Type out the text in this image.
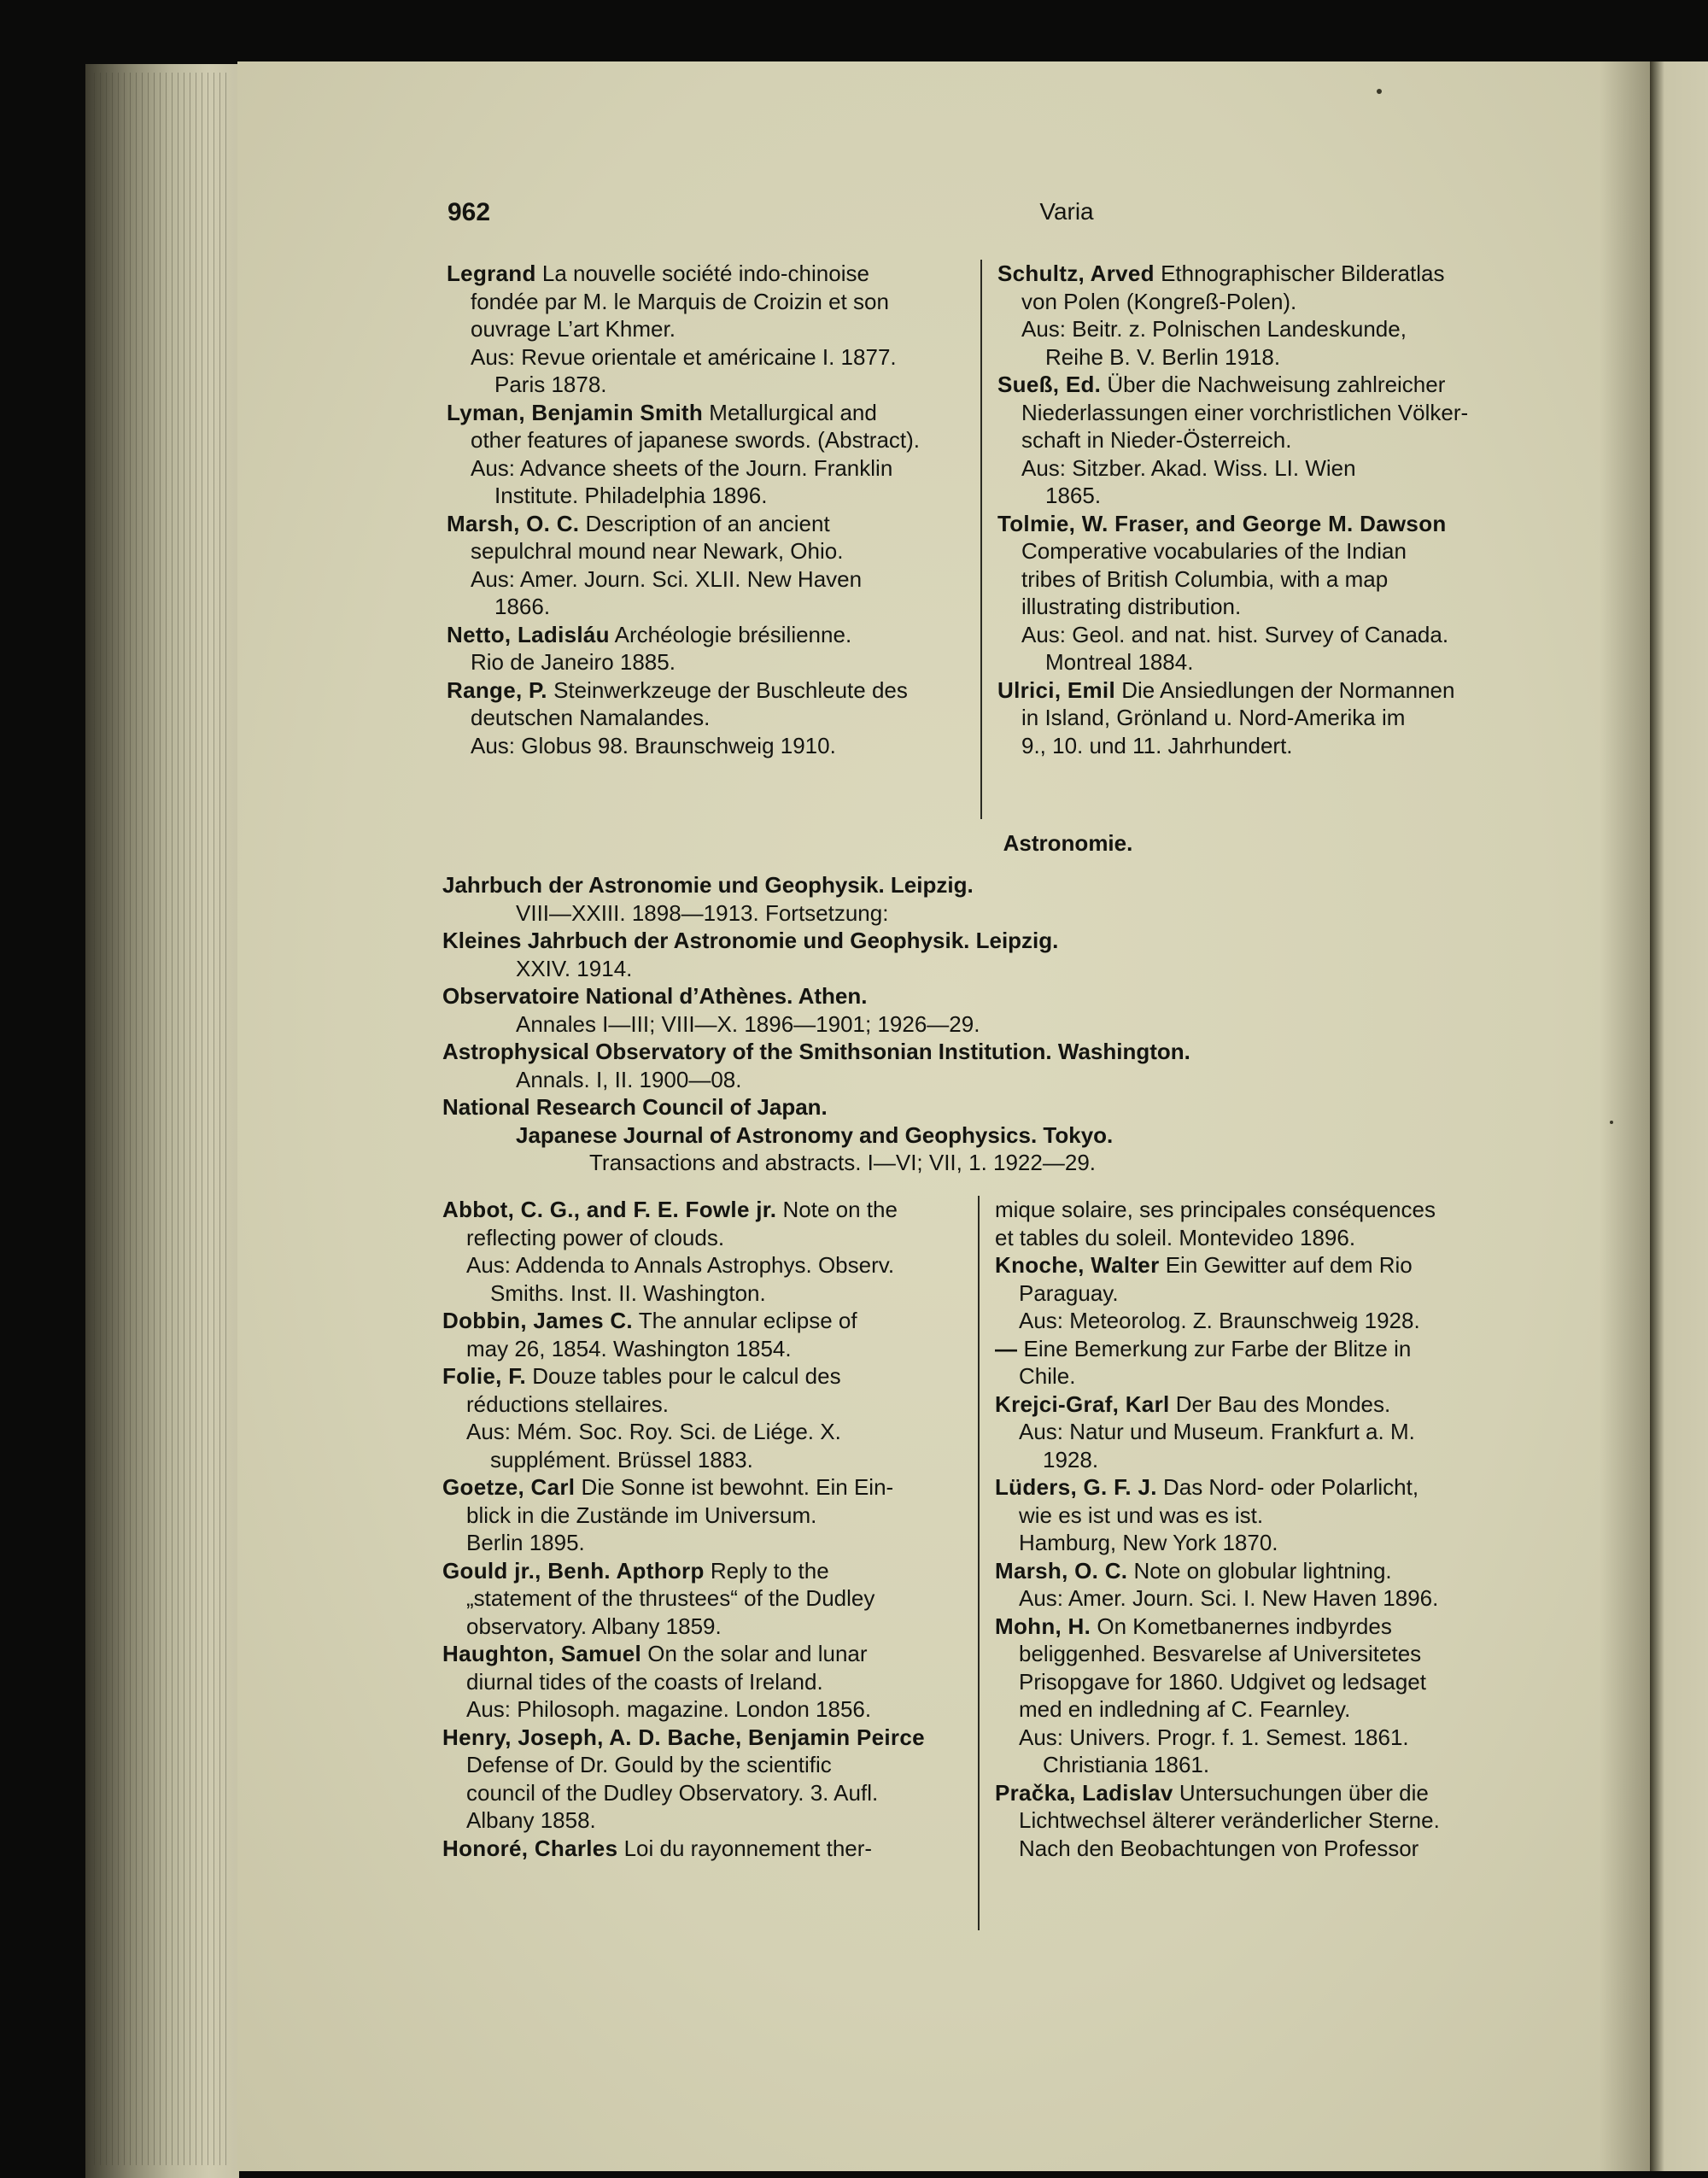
962	Varia
Legrand La nouvelle société indo-chinoise
fondée par M. le Marquis de Croizin et son
ouvrage L’art Khmer.
Aus: Revue orientale et américaine I. 1877.
Paris 1878.
Lyman, Benjamin Smith Metallurgical and
other features of japanese swords. (Abstract).
Aus: Advance sheets of the Journ. Franklin
Institute. Philadelphia 1896.
Marsh, O. C. Description of an ancient
sepulchral mound near Newark, Ohio.
Aus: Amer. Journ. Sci. XLII. New Haven
1866.
Netto, Ladisláu Archéologie brésilienne.
Rio de Janeiro 1885.
Range, P. Steinwerkzeuge der Buschleute des
deutschen Namalandes.
Aus: Globus 98. Braunschweig 1910.
Schultz, Arved Ethnographischer Bilderatlas
von Polen (Kongreß-Polen).
Aus: Beitr. z. Polnischen Landeskunde,
Reihe B. V. Berlin 1918.
Sueß, Ed. Über die Nachweisung zahlreicher
Niederlassungen einer vorchristlichen Völker-
schaft in Nieder-Österreich.
Aus: Sitzber. Akad. Wiss. LI. Wien
1865.
Tolmie, W. Fraser, and George M. Dawson
Comperative vocabularies of the Indian
tribes of British Columbia, with a map
illustrating distribution.
Aus: Geol. and nat. hist. Survey of Canada.
Montreal 1884.
Ulrici, Emil Die Ansiedlungen der Normannen
in Island, Grönland u. Nord-Amerika im
9., 10. und 11. Jahrhundert.
Astronomie.
Jahrbuch der Astronomie und Geophysik. Leipzig.
VIII—XXIII. 1898—1913. Fortsetzung:
Kleines Jahrbuch der Astronomie und Geophysik. Leipzig.
XXIV. 1914.
Observatoire National d’Athènes. Athen.
Annales I—III; VIII—X. 1896—1901; 1926—29.
Astrophysical Observatory of the Smithsonian Institution. Washington.
Annals. I, II. 1900—08.
National Research Council of Japan.
Japanese Journal of Astronomy and Geophysics. Tokyo.
Transactions and abstracts. I—VI; VII, 1. 1922—29.
Abbot, C. G., and F. E. Fowle jr. Note on the
reflecting power of clouds.
Aus: Addenda to Annals Astrophys. Observ.
Smiths. Inst. II. Washington.
Dobbin, James C. The annular eclipse of
may 26, 1854. Washington 1854.
Folie, F. Douze tables pour le calcul des
réductions stellaires.
Aus: Mém. Soc. Roy. Sci. de Liége. X.
supplément. Brüssel 1883.
Goetze, Carl Die Sonne ist bewohnt. Ein Ein-
blick in die Zustände im Universum.
Berlin 1895.
Gould jr., Benh. Apthorp Reply to the
„statement of the thrustees“ of the Dudley
observatory. Albany 1859.
Haughton, Samuel On the solar and lunar
diurnal tides of the coasts of Ireland.
Aus: Philosoph. magazine. London 1856.
Henry, Joseph, A. D. Bache, Benjamin Peirce
Defense of Dr. Gould by the scientific
council of the Dudley Observatory. 3. Aufl.
Albany 1858.
Honoré, Charles Loi du rayonnement ther-
mique solaire, ses principales conséquences
et tables du soleil. Montevideo 1896.
Knoche, Walter Ein Gewitter auf dem Rio
Paraguay.
Aus: Meteorolog. Z. Braunschweig 1928.
— Eine Bemerkung zur Farbe der Blitze in
Chile.
Krejci-Graf, Karl Der Bau des Mondes.
Aus: Natur und Museum. Frankfurt a. M.
1928.
Lüders, G. F. J. Das Nord- oder Polarlicht,
wie es ist und was es ist.
Hamburg, New York 1870.
Marsh, O. C. Note on globular lightning.
Aus: Amer. Journ. Sci. I. New Haven 1896.
Mohn, H. On Kometbanernes indbyrdes
beliggenhed. Besvarelse af Universitetes
Prisopgave for 1860. Udgivet og ledsaget
med en indledning af C. Fearnley.
Aus: Univers. Progr. f. 1. Semest. 1861.
Christiania 1861.
Pračka, Ladislav Untersuchungen über die
Lichtwechsel älterer veränderlicher Sterne.
Nach den Beobachtungen von Professor
